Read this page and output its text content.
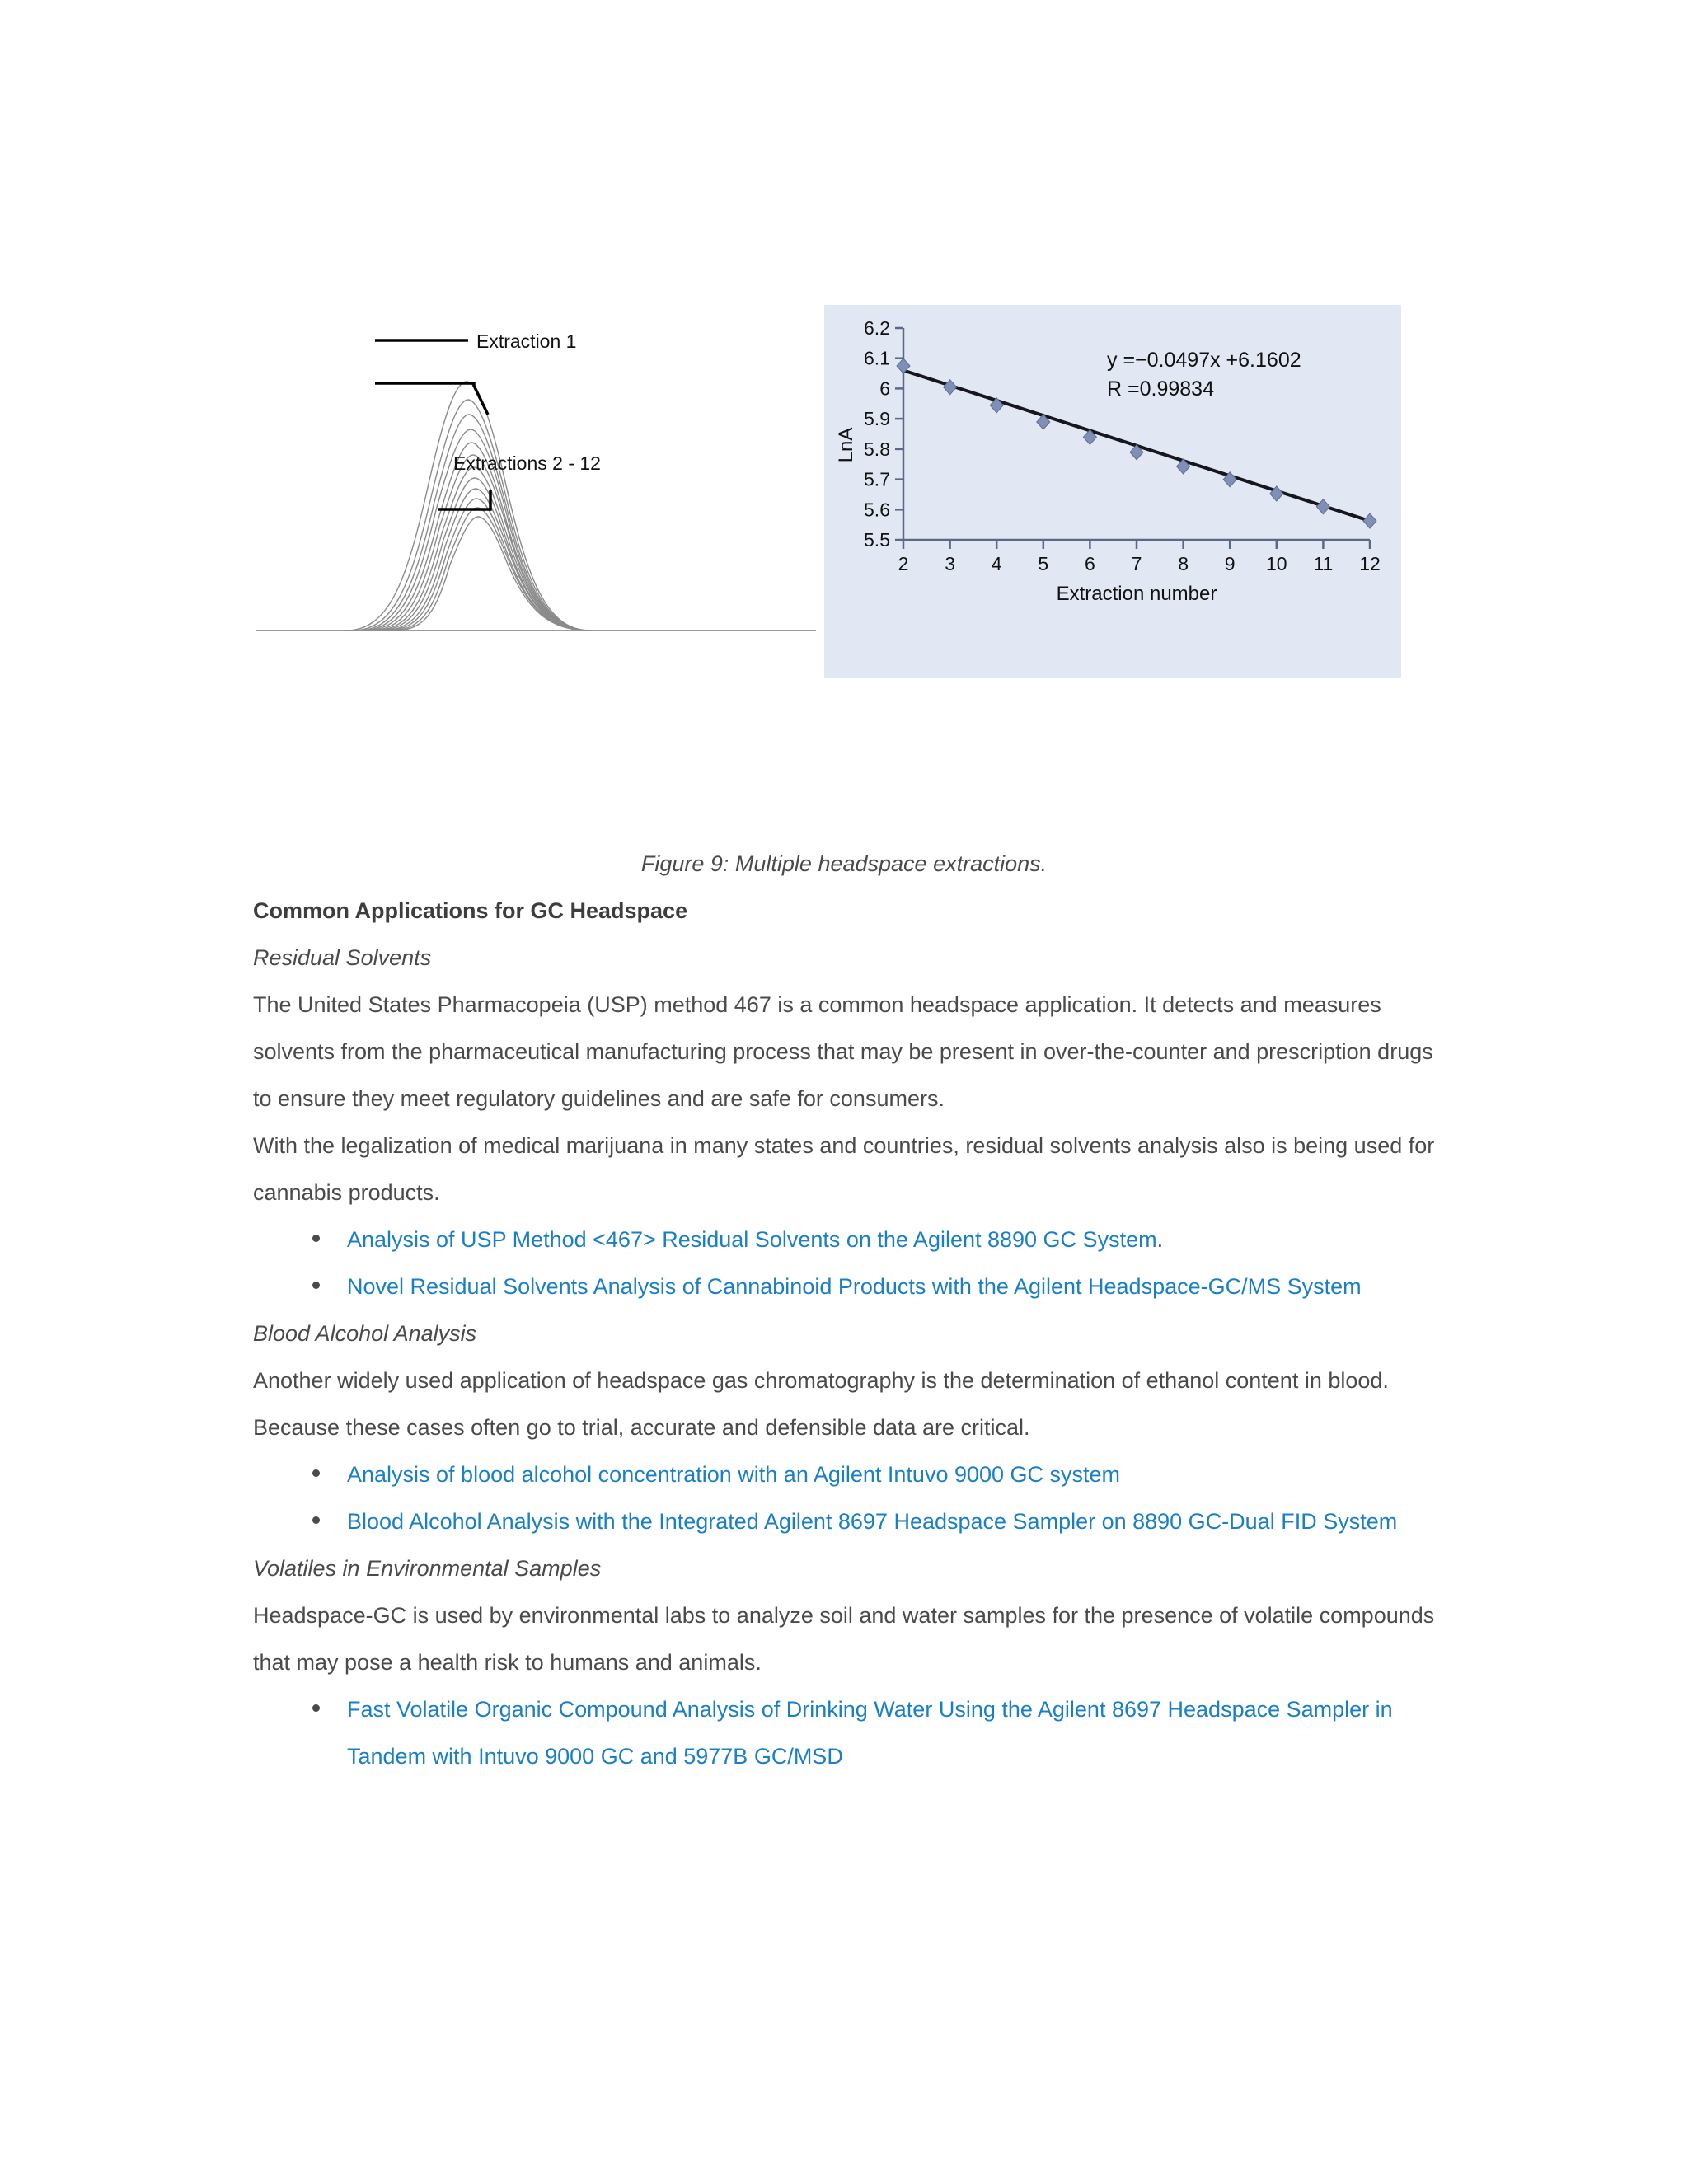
Extraction 1
Extractions 2 - 12
5.5
5.6
5.7
5.8
5.9
6
6.1
6.2
LnA
2 3 4 5 6 7 8 9 10 11 12
Extraction number
y =−0.0497x +6.1602
R =0.99834
Figure 9: Multiple headspace extractions.
Common Applications for GC Headspace
Residual Solvents

The United States Pharmacopeia (USP) method 467 is a common headspace application. It detects and measures solvents from the pharmaceutical manufacturing process that may be present in over-the-counter and prescription drugs to ensure they meet regulatory guidelines and are safe for consumers.

With the legalization of medical marijuana in many states and countries, residual solvents analysis also is being used for cannabis products.

Analysis of USP Method <467> Residual Solvents on the Agilent 8890 GC System.
Novel Residual Solvents Analysis of Cannabinoid Products with the Agilent Headspace-GC/MS System
Blood Alcohol Analysis

Another widely used application of headspace gas chromatography is the determination of ethanol content in blood. Because these cases often go to trial, accurate and defensible data are critical.

Analysis of blood alcohol concentration with an Agilent Intuvo 9000 GC system
Blood Alcohol Analysis with the Integrated Agilent 8697 Headspace Sampler on 8890 GC-Dual FID System
Volatiles in Environmental Samples

Headspace-GC is used by environmental labs to analyze soil and water samples for the presence of volatile compounds that may pose a health risk to humans and animals.

Fast Volatile Organic Compound Analysis of Drinking Water Using the Agilent 8697 Headspace Sampler in Tandem with Intuvo 9000 GC and 5977B GC/MSD
